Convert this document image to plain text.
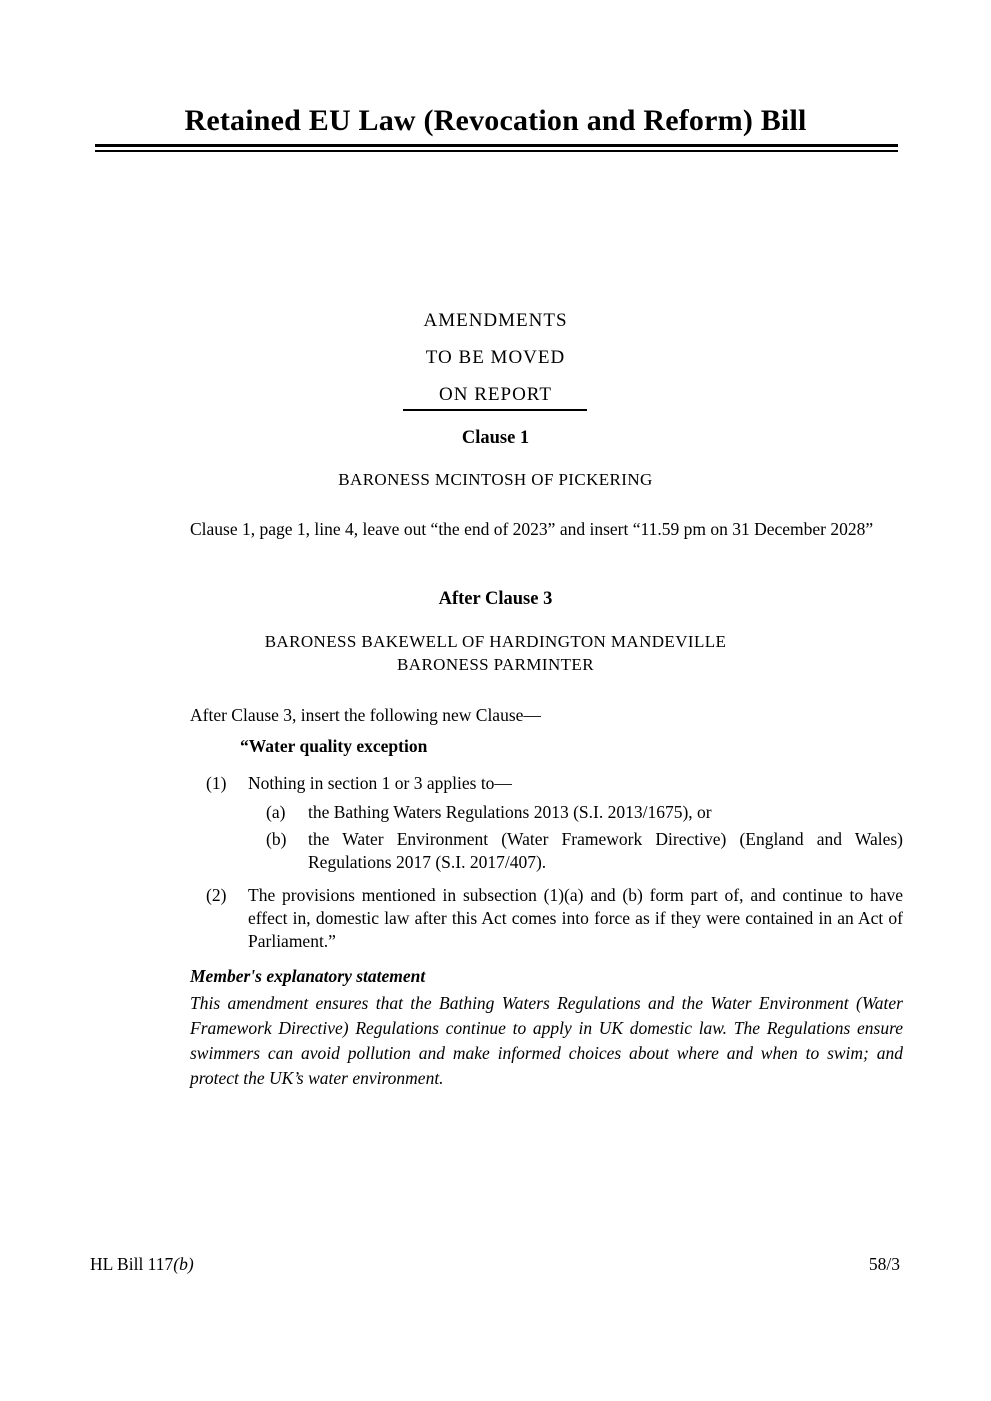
Retained EU Law (Revocation and Reform) Bill
AMENDMENTS
TO BE MOVED
ON REPORT
Clause 1
BARONESS MCINTOSH OF PICKERING
Clause 1, page 1, line 4, leave out “the end of 2023” and insert “11.59 pm on 31 December 2028”
After Clause 3
BARONESS BAKEWELL OF HARDINGTON MANDEVILLE
BARONESS PARMINTER
After Clause 3, insert the following new Clause—
“Water quality exception
(1)	Nothing in section 1 or 3 applies to—
(a)	the Bathing Waters Regulations 2013 (S.I. 2013/1675), or
(b)	the Water Environment (Water Framework Directive) (England and Wales) Regulations 2017 (S.I. 2017/407).
(2)	The provisions mentioned in subsection (1)(a) and (b) form part of, and continue to have effect in, domestic law after this Act comes into force as if they were contained in an Act of Parliament.”
Member's explanatory statement
This amendment ensures that the Bathing Waters Regulations and the Water Environment (Water Framework Directive) Regulations continue to apply in UK domestic law. The Regulations ensure swimmers can avoid pollution and make informed choices about where and when to swim; and protect the UK’s water environment.
HL Bill 117(b)	58/3
